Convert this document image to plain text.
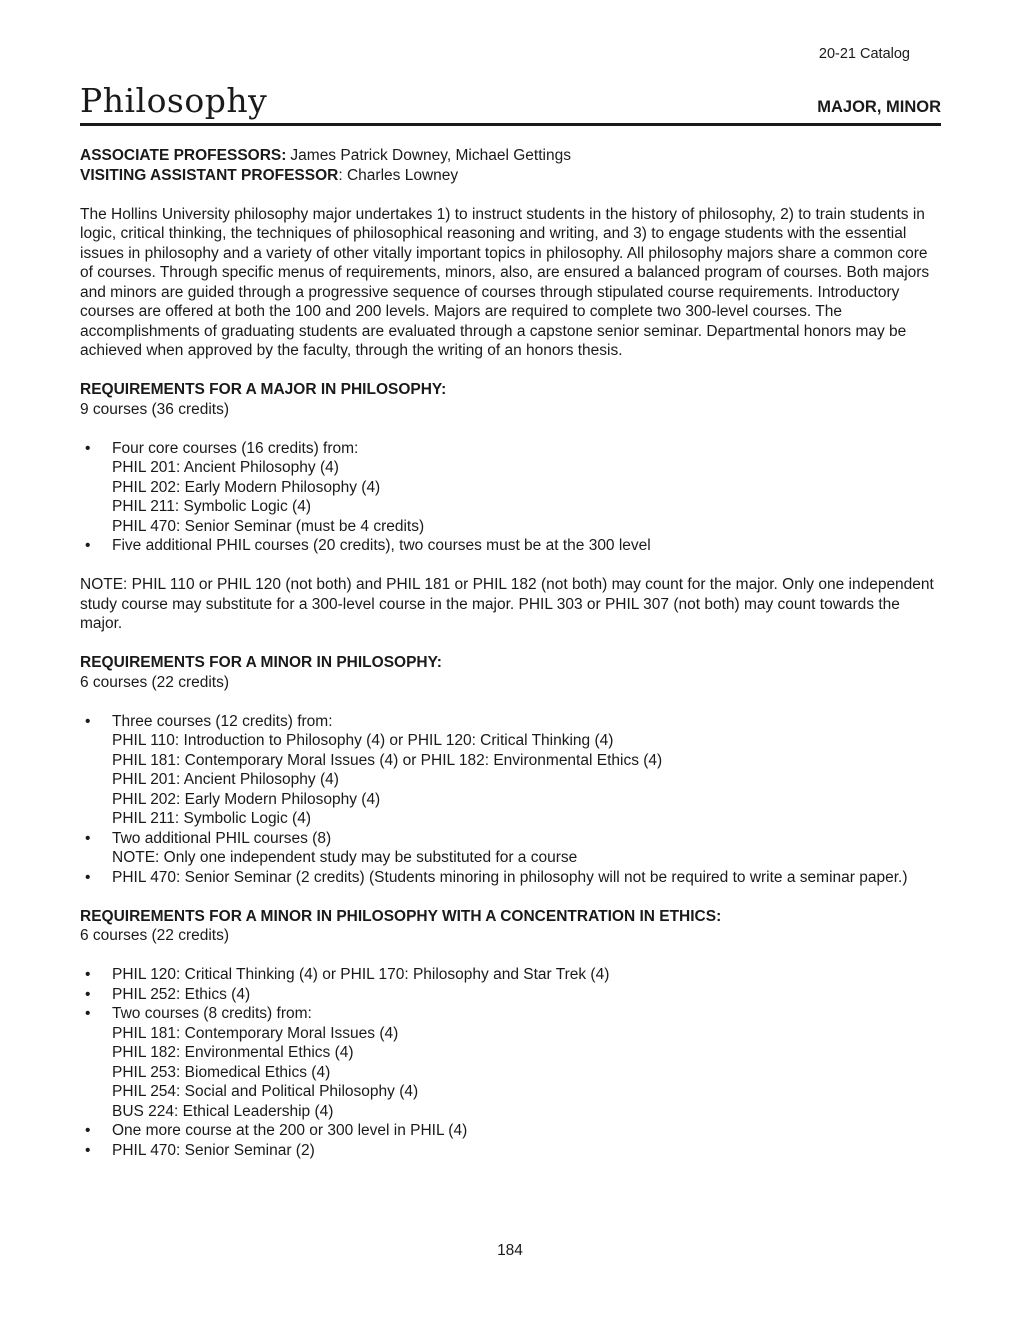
20-21 Catalog
Philosophy	MAJOR, MINOR
ASSOCIATE PROFESSORS: James Patrick Downey, Michael Gettings
VISITING ASSISTANT PROFESSOR: Charles Lowney
The Hollins University philosophy major undertakes 1) to instruct students in the history of philosophy, 2) to train students in logic, critical thinking, the techniques of philosophical reasoning and writing, and 3) to engage students with the essential issues in philosophy and a variety of other vitally important topics in philosophy. All philosophy majors share a common core of courses. Through specific menus of requirements, minors, also, are ensured a balanced program of courses. Both majors and minors are guided through a progressive sequence of courses through stipulated course requirements. Introductory courses are offered at both the 100 and 200 levels. Majors are required to complete two 300-level courses. The accomplishments of graduating students are evaluated through a capstone senior seminar. Departmental honors may be achieved when approved by the faculty, through the writing of an honors thesis.
REQUIREMENTS FOR A MAJOR IN PHILOSOPHY:
9 courses (36 credits)
• Four core courses (16 credits) from:
PHIL 201: Ancient Philosophy (4)
PHIL 202: Early Modern Philosophy (4)
PHIL 211: Symbolic Logic (4)
PHIL 470: Senior Seminar (must be 4 credits)
• Five additional PHIL courses (20 credits), two courses must be at the 300 level
NOTE: PHIL 110 or PHIL 120 (not both) and PHIL 181 or PHIL 182 (not both) may count for the major. Only one independent study course may substitute for a 300-level course in the major. PHIL 303 or PHIL 307 (not both) may count towards the major.
REQUIREMENTS FOR A MINOR IN PHILOSOPHY:
6 courses (22 credits)
• Three courses (12 credits) from:
PHIL 110: Introduction to Philosophy (4) or PHIL 120: Critical Thinking (4)
PHIL 181: Contemporary Moral Issues (4) or PHIL 182: Environmental Ethics (4)
PHIL 201: Ancient Philosophy (4)
PHIL 202: Early Modern Philosophy (4)
PHIL 211: Symbolic Logic (4)
• Two additional PHIL courses (8)
NOTE: Only one independent study may be substituted for a course
• PHIL 470: Senior Seminar (2 credits) (Students minoring in philosophy will not be required to write a seminar paper.)
REQUIREMENTS FOR A MINOR IN PHILOSOPHY WITH A CONCENTRATION IN ETHICS:
6 courses (22 credits)
• PHIL 120: Critical Thinking (4) or PHIL 170: Philosophy and Star Trek (4)
• PHIL 252: Ethics (4)
• Two courses (8 credits) from:
PHIL 181: Contemporary Moral Issues (4)
PHIL 182: Environmental Ethics (4)
PHIL 253: Biomedical Ethics (4)
PHIL 254: Social and Political Philosophy (4)
BUS 224: Ethical Leadership (4)
• One more course at the 200 or 300 level in PHIL (4)
• PHIL 470: Senior Seminar (2)
184
